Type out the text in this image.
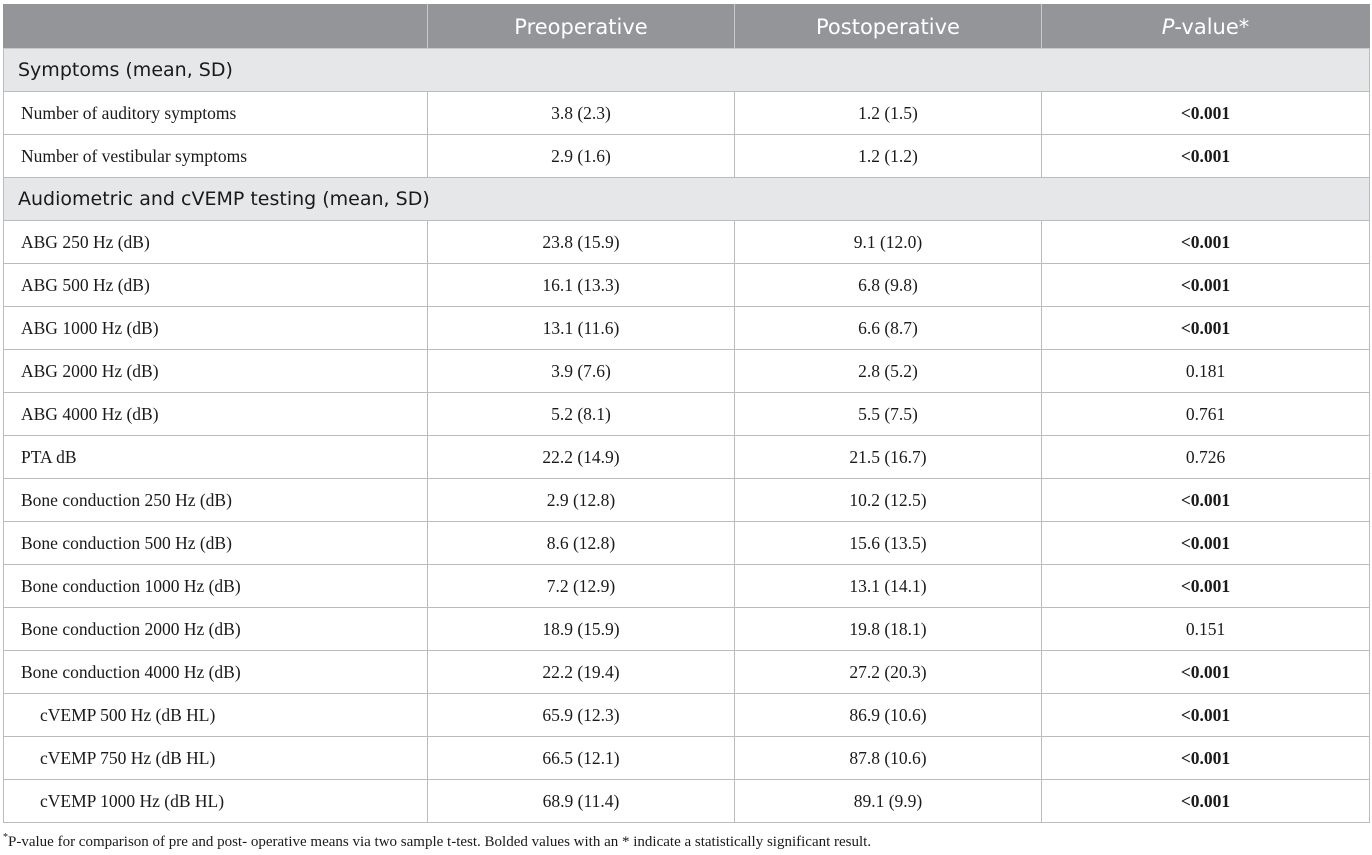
	Preoperative	Postoperative	P-value*
Symptoms (mean, SD)			
Number of auditory symptoms	3.8 (2.3)	1.2 (1.5)	<0.001
Number of vestibular symptoms	2.9 (1.6)	1.2 (1.2)	<0.001
Audiometric and cVEMP testing (mean, SD)			
ABG 250 Hz (dB)	23.8 (15.9)	9.1 (12.0)	<0.001
ABG 500 Hz (dB)	16.1 (13.3)	6.8 (9.8)	<0.001
ABG 1000 Hz (dB)	13.1 (11.6)	6.6 (8.7)	<0.001
ABG 2000 Hz (dB)	3.9 (7.6)	2.8 (5.2)	0.181
ABG 4000 Hz (dB)	5.2 (8.1)	5.5 (7.5)	0.761
PTA dB	22.2 (14.9)	21.5 (16.7)	0.726
Bone conduction 250 Hz (dB)	2.9 (12.8)	10.2 (12.5)	<0.001
Bone conduction 500 Hz (dB)	8.6 (12.8)	15.6 (13.5)	<0.001
Bone conduction 1000 Hz (dB)	7.2 (12.9)	13.1 (14.1)	<0.001
Bone conduction 2000 Hz (dB)	18.9 (15.9)	19.8 (18.1)	0.151
Bone conduction 4000 Hz (dB)	22.2 (19.4)	27.2 (20.3)	<0.001
cVEMP 500 Hz (dB HL)	65.9 (12.3)	86.9 (10.6)	<0.001
cVEMP 750 Hz (dB HL)	66.5 (12.1)	87.8 (10.6)	<0.001
cVEMP 1000 Hz (dB HL)	68.9 (11.4)	89.1 (9.9)	<0.001
*P-value for comparison of pre and post- operative means via two sample t-test. Bolded values with an * indicate a statistically significant result.
